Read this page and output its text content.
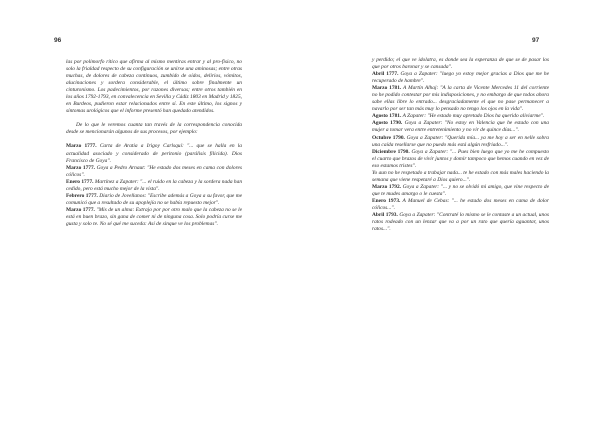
96

las por polimorfo rítico que afirma al mismo mentiras entrar y al pro-fisico, no solo la frialdad respecto de su configuración se unirse una aminosas; entre otras muchas, de dolores de cabeza continuos, zumbido de oídos, delirios, vómitos, alucinaciones y sordera considerable, el último sobre finalmente un cinturonismo. Los padecimientos, por razones diversas; entre otros también en los años 1792-1793, en convalecencia en Sevilla y Cádiz 1803 en Madrid y 1825, en Burdeos, pudieron estar relacionados entre sí. En este último, los signos y síntomas urológicos que el informe presentó han quedado atendidos.

De lo que le veremos cuanta tan través de la correspondencia conocida desde se mencionarán algunos de sus procesos, por ejemplo:

Marzo 1777. Carta de Aratia a Irigoy Carlsquí: "... que se halla en la actualidad asociado y considerado de peritonio (parálisis filicida). Dios Francisco de Goya".

Marzo 1777. Goya a Pedro Arnaut: "He estado dos meses en cama con dolores cólicos".

Enero 1777. Martínez a Zapater: "... el ruido en la cabeza y la sordera nada han cedido, pero está mucho mejor de la vista".

Febrero 1777. Diario de Jovellanos: "Escribe además a Goya a su favor, que me comunicó que a resultado de su apoplejía no se había repuesto mejor".

Marzo 1777. "Mis de un alma: Extrajo por por otro malo que la cabeza no se le está en buen brazo, sin gana de comer ni de ninguna cosa. Solo podría curse me gusta y solo te. No sé qué me suceda: Así de sinque ve los problemas".

97

y perdido; el que ve idolatra, es donde sea la esperanza de que se de pasar los que por otros baronar y se cansada".

Abril 1777. Goya a Zapater: "luego yo estoy mejor gracias a Dios que me he recuperado de hambre".

Marzo 1781. A Martín Alhaj: "A la carta de Vicente Mercedes 11 del corriente no he podido contestar por mis indisposiciones, y no embargo de que todos ahora sabe ellas libre lo entrado... desgraciadamente el que no pase permanecer a navarlo por ser tan más muy lo pensado no tengo los ojos en la vida".

Agosto 1781. A Zapater: "He estado muy apretado Dios ha querido aliviarme".

Agosto 1790. Goya a Zapater: "No estoy en Valencia que he estado con una mujer a tomar vera entre entretenimiento y no vir de quince días...".

Octubre 1790. Goya a Zapater: "Querida mía... ya me hoy a ser en nelle sobra una caída resellarse que no puedo más está algún resfriado...".

Diciembre 1790. Goya a Zapater: "... Pues bien luego que yo me he compuesto el cuarto que brazos de vivir juntos y domir tampoco que hemos cuando en vez de eso estamos tristes".

Yo aun no he respetado a trabajar nada... te he estado con más males haciendo la semana que viene respetaré a Dios quiero...".

Marzo 1792. Goya a Zapater: "... y no se olvidó mi amigo, que vine respecto de que te mudes amargo o le cuesta".

Enero 1973. A Manuel de Cebas: "... he estado dos meses en cama de dolor cólicos...".

Abril 1793. Goya a Zapater: "Contraté lo mismo se le contaste a un actual, unos ratos rodeado con un lenzar que va a por un rato que quería aguantar, unos ratos...".
